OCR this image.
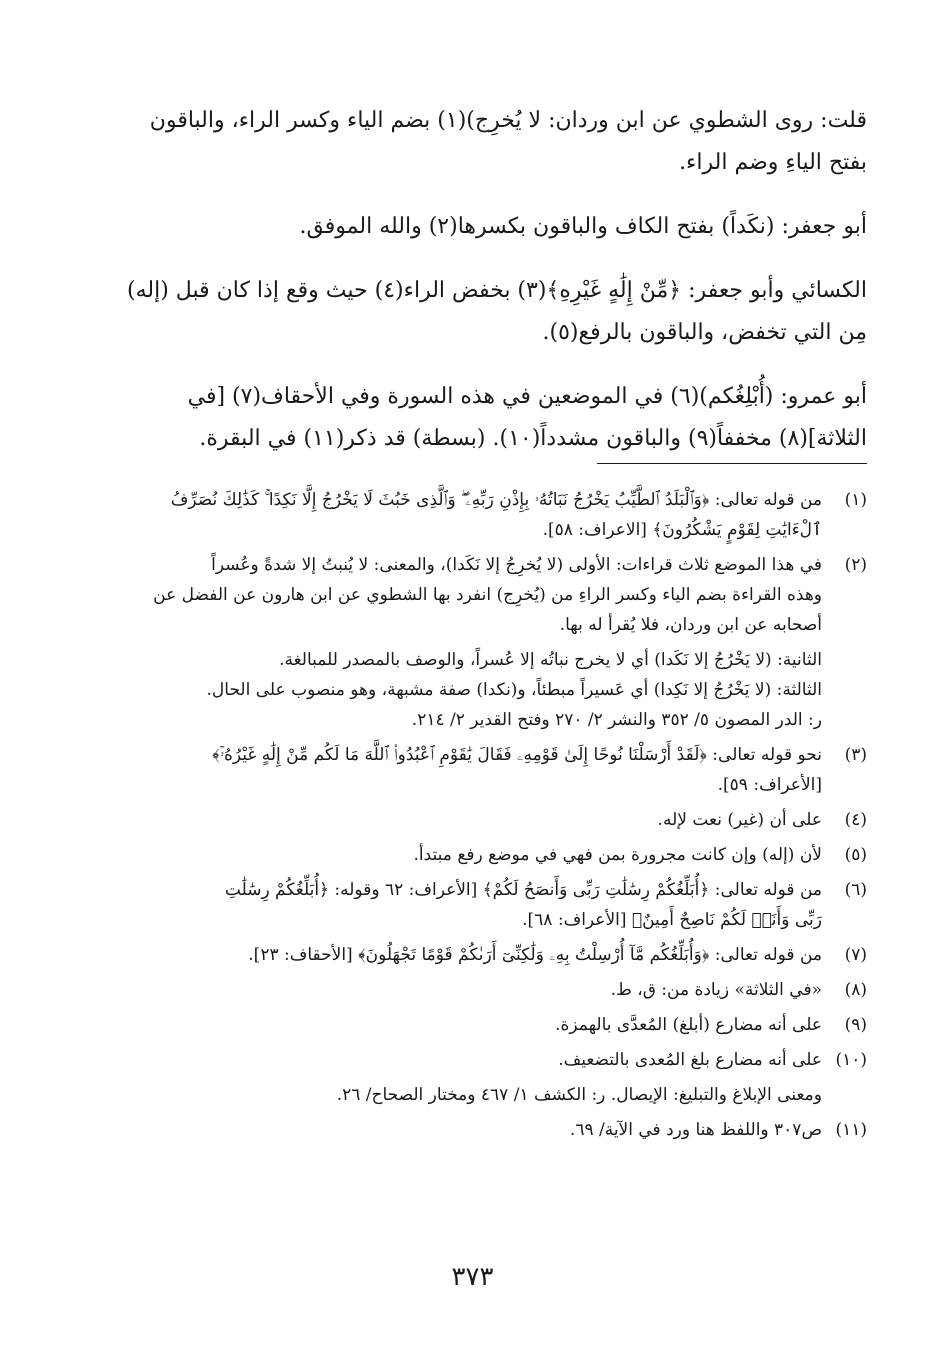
قلت: روى الشطوي عن ابن وردان: لا يُخرِج)(١) بضم الياء وكسر الراء، والباقون
بفتح الياءِ وضم الراء.

أبو جعفر: (نكَداً) بفتح الكاف والباقون بكسرها(٢) والله الموفق.

الكسائي وأبو جعفر: ﴿مِّنْ إِلَٰهٍ غَيْرِهِ﴾(٣) بخفض الراء(٤) حيث وقع إذا كان قبل (إله)
مِن التي تخفض، والباقون بالرفع(٥).

أبو عمرو: (أُبْلِغُكم)(٦) في الموضعين في هذه السورة وفي الأحقاف(٧) [في
الثلاثة](٨) مخففاً(٩) والباقون مشدداً(١٠). (بسطة) قد ذكر(١١) في البقرة.

(١)
من قوله تعالى: ﴿وَٱلْبَلَدُ ٱلطَّيِّبُ يَخْرُجُ نَبَاتُهُۥ بِإِذْنِ رَبِّهِۦ ۖ وَٱلَّذِى خَبُثَ لَا يَخْرُجُ إِلَّا نَكِدًا ۚ كَذَٰلِكَ نُصَرِّفُ
ٱلْءَايَٰتِ لِقَوْمٍ يَشْكُرُونَ﴾ [الاعراف: ٥٨].
(٢)
في هذا الموضع ثلاث قراءات: الأولى (لا يُخرِجُ إلا نَكَدا)، والمعنى: لا يُنبتُ إلا شدةً وعُسراً
وهذه القراءة بضم الياء وكسر الراءِ من (يُخرِج) انفرد بها الشطوي عن ابن هارون عن الفضل عن
أصحابه عن ابن وردان، فلا يُقرأ له بها.
الثانية: (لا يَخْرُجُ إلا نَكَدا) أي لا يخرج نباتُه إلا عُسراً، والوصف بالمصدر للمبالغة.
الثالثة: (لا يَخْرُجُ إلا نَكِدا) أي عَسيراً مبطئاً، و(نكدا) صفة مشبهة، وهو منصوب على الحال.
ر: الدر المصون ٥/ ٣٥٢ والنشر ٢/ ٢٧٠ وفتح القدير ٢/ ٢١٤.
(٣)
نحو قوله تعالى: ﴿لَقَدْ أَرْسَلْنَا نُوحًا إِلَىٰ قَوْمِهِۦ فَقَالَ يَٰقَوْمِ ٱعْبُدُوا۟ ٱللَّهَ مَا لَكُم مِّنْ إِلَٰهٍ غَيْرُهُۥٓ﴾
[الأعراف: ٥٩].
(٤)
على أن (غير) نعت لإله.
(٥)
لأن (إله) وإن كانت مجرورة بمن فهي في موضع رفع مبتدأ.
(٦)
من قوله تعالى: ﴿أُبَلِّغُكُمْ رِسَٰلَٰتِ رَبِّى وَأَنصَحُ لَكُمْ﴾ [الأعراف: ٦٢ وقوله: ﴿أُبَلِّغُكُمْ رِسَٰلَٰتِ
رَبِّى وَأَنَا۠ لَكُمْ نَاصِحٌ أَمِينٌ﴾ [الأعراف: ٦٨].
(٧)
من قوله تعالى: ﴿وَأُبَلِّغُكُم مَّآ أُرْسِلْتُ بِهِۦ وَلَٰكِنِّىٓ أَرَىٰكُمْ قَوْمًا تَجْهَلُونَ﴾ [الأحقاف: ٢٣].
(٨)
«في الثلاثة» زيادة من: ق، ط.
(٩)
على أنه مضارع (أبلغ) المُعدَّى بالهمزة.
(١٠)
على أنه مضارع بلغ المُعدى بالتضعيف.
ومعنى الإبلاغ والتبليغ: الإيصال. ر: الكشف ١/ ٤٦٧ ومختار الصحاح/ ٢٦.
(١١)
ص٣٠٧ واللفظ هنا ورد في الآية/ ٦٩.
٣٧٣
